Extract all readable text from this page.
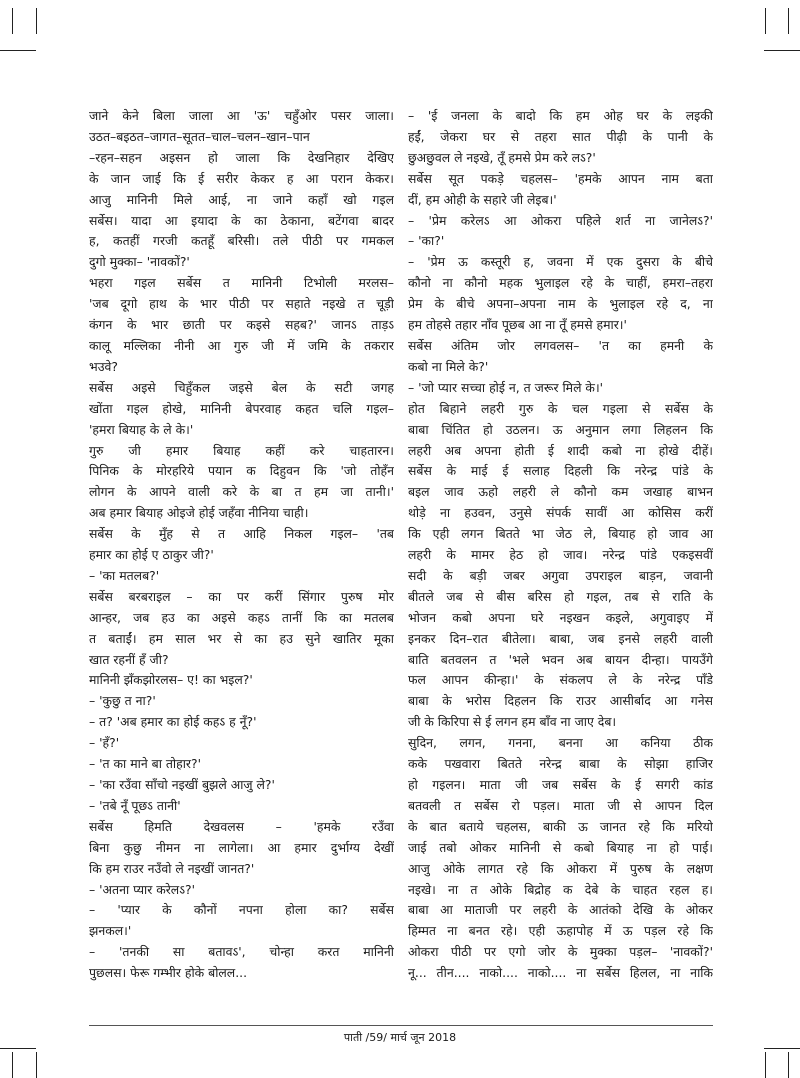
जाने केने बिला जाला आ 'ऊ' चहुँओर पसर जाला।

उठत–बइठत–जागत–सूतत–चाल–चलन–खान–पान

–रहन–सहन अइसन हो जाला कि देखनिहार देखिए

के जान जाई कि ई सरीर केकर ह आ परान केकर।

आजु मानिनी मिले आई, ना जाने कहाँ खो गइल

सर्बेस। यादा आ इयादा के का ठेकाना, बटेंगवा बादर

ह, कतहीं गरजी कतहूँ बरिसी। तले पीठी पर गमकल

दुगो मुक्का– 'नावकों?'

भहरा गइल सर्बेस त मानिनी टिभोली मरलस–

'जब दूगो हाथ के भार पीठी पर सहाते नइखे त चूड़ी

कंगन के भार छाती पर कइसे सहब?' जानऽ ताड़ऽ

कालू मल्लिका नीनी आ गुरु जी में जमि के तकरार

भउवे?

सर्बेस अइसे चिहुँकल जइसे बेल के सटी जगह

खोंता गइल होखे, मानिनी बेपरवाह कहत चलि गइल–

'हमरा बियाह के ले के।'

गुरु जी हमार बियाह कहीं करे चाहतारन।

पिनिक के मोरहरिये पयान क दिहुवन कि 'जो तोहँन

लोगन के आपने वाली करे के बा त हम जा तानी।'

अब हमार बियाह ओइजे होई जहँवा नीनिया चाही।

सर्बेस के मुँह से त आहि निकल गइल– 'तब

हमार का होई ए ठाकुर जी?'

– 'का मतलब?'

सर्बेस बरबराइल – का पर करीं सिंगार पुरुष मोर

आन्हर, जब हउ का अइसे कहऽ तानीं कि का मतलब

त बताईं। हम साल भर से का हउ सुने खातिर मूका

खात रहनीं हँ जी?

मानिनी झँकझोरलस– ए! का भइल?'

– 'कुछु त ना?'

– त? 'अब हमार का होई कहऽ ह नूँ?'

– 'हँ?'

– 'त का माने बा तोहार?'

– 'का रउँवा साँचो नइखीं बुझले आजु ले?'

– 'तबे नूँ पूछऽ तानी'

सर्बेस हिमति देखवलस – 'हमके रउँवा

बिना कुछु नीमन ना लागेला। आ हमार दुर्भाग्य देखीं

कि हम राउर नउँवो ले नइखीं जानत?'

– 'अतना प्यार करेलऽ?'

– 'प्यार के कौनों नपना होला का? सर्बेस

झनकल।'

– 'तनकी सा बतावऽ', चोन्हा करत मानिनी

पुछलस। फेरू गम्भीर होके बोलल...

– 'ई जनला के बादो कि हम ओह घर के लइकी

हईं, जेकरा घर से तहरा सात पीढ़ी के पानी के

छुअछुवल ले नइखे, तूँ हमसे प्रेम करे लऽ?'

सर्बेस सूत पकड़े चहलस– 'हमके आपन नाम बता

दीं, हम ओही के सहारे जी लेइब।'

– 'प्रेम करेलऽ आ ओकरा पहिले शर्त ना जानेलऽ?'

– 'का?'

– 'प्रेम ऊ कस्तूरी ह, जवना में एक दुसरा के बीचे

कौनो ना कौनो महक भुलाइल रहे के चाहीं, हमरा–तहरा

प्रेम के बीचे अपना–अपना नाम के भुलाइल रहे द, ना

हम तोहसे तहार नाँव पूछब आ ना तूँ हमसे हमार।'

सर्बेस अंतिम जोर लगवलस– 'त का हमनी के

कबो ना मिले के?'

– 'जो प्यार सच्चा होई न, त जरूर मिले के।'

होत बिहाने लहरी गुरु के चल गइला से सर्बेस के

बाबा चिंतित हो उठलन। ऊ अनुमान लगा लिहलन कि

लहरी अब अपना होती ई शादी कबो ना होखे दीहें।

सर्बेस के माई ई सलाह दिहली कि नरेन्द्र पांडे के

बइल जाव ऊहो लहरी ले कौनो कम जखाह बाभन

थोड़े ना हउवन, उनुसे संपर्क सावीं आ कोसिस करीं

कि एही लगन बितते भा जेठ ले, बियाह हो जाव आ

लहरी के मामर हेठ हो जाव। नरेन्द्र पांडे एकइसवीं

सदी के बड़ी जबर अगुवा उपराइल बाड़न, जवानी

बीतले जब से बीस बरिस हो गइल, तब से राति के

भोजन कबो अपना घरे नइखन कइले, अगुवाइए में

इनकर दिन–रात बीतेला। बाबा, जब इनसे लहरी वाली

बाति बतवलन त 'भले भवन अब बायन दीन्हा। पायउँगे

फल आपन कीन्हा।' के संकलप ले के नरेन्द्र पाँडे

बाबा के भरोस दिहलन कि राउर आसीर्बाद आ गनेस

जी के किरिपा से ई लगन हम बाँव ना जाए देब।

सुदिन, लगन, गनना, बनना आ कनिया ठीक

कके पखवारा बितते नरेन्द्र बाबा के सोझा हाजिर

हो गइलन। माता जी जब सर्बेस के ई सगरी कांड

बतवली त सर्बेस रो पड़ल। माता जी से आपन दिल

के बात बताये चहलस, बाकी ऊ जानत रहे कि मरियो

जाई तबो ओकर मानिनी से कबो बियाह ना हो पाई।

आजु ओके लागत रहे कि ओकरा में पुरुष के लक्षण

नइखे। ना त ओके बिद्रोह क देबे के चाहत रहल ह।

बाबा आ माताजी पर लहरी के आतंको देखि के ओकर

हिम्मत ना बनत रहे। एही ऊहापोह में ऊ पड़ल रहे कि

ओकरा पीठी पर एगो जोर के मुक्का पड़ल– 'नावकों?'

नू... तीन.... नाको.... नाको.... ना सर्बेस हिलल, ना नाकि

पाती /59/ मार्च जून 2018
